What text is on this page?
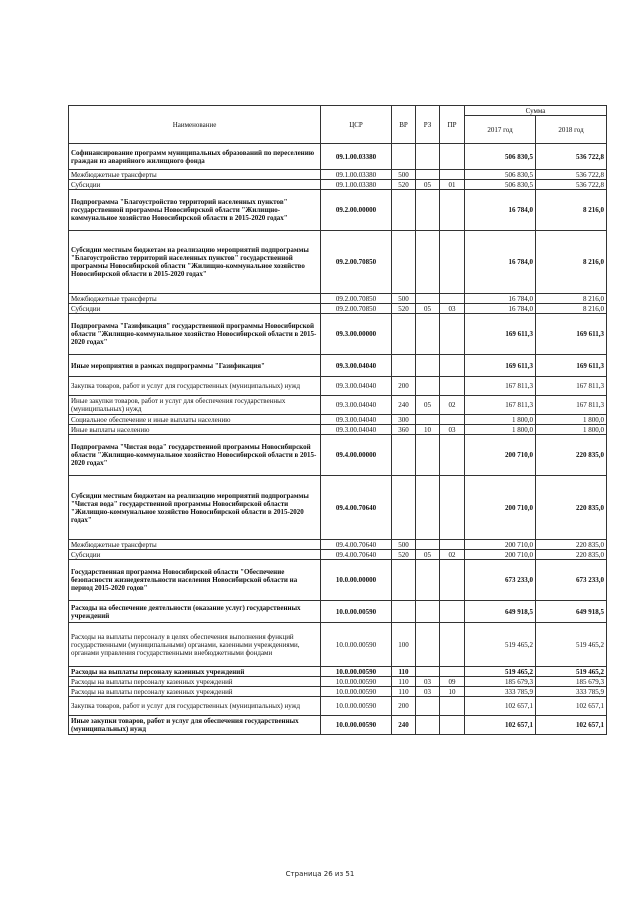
Наименование	ЦСР	ВР	РЗ	ПР	Сумма	
					2017 год	2018 год
Софинансирование программ муниципальных образований по переселению граждан из аварийного жилищного фонда	09.1.00.03380				506 830,5	536 722,8
Межбюджетные трансферты	09.1.00.03380	500			506 830,5	536 722,8
Субсидии	09.1.00.03380	520	05	01	506 830,5	536 722,8
Подпрограмма "Благоустройство территорий населенных пунктов" государственной программы Новосибирской области "Жилищно-коммунальное хозяйство Новосибирской области в 2015-2020 годах"	09.2.00.00000				16 784,0	8 216,0
Субсидии местным бюджетам на реализацию мероприятий подпрограммы "Благоустройство территорий населенных пунктов" государственной программы Новосибирской области "Жилищно-коммунальное хозяйство Новосибирской области в 2015-2020 годах"	09.2.00.70850				16 784,0	8 216,0
Межбюджетные трансферты	09.2.00.70850	500			16 784,0	8 216,0
Субсидии	09.2.00.70850	520	05	03	16 784,0	8 216,0
Подпрограмма "Газификация" государственной программы Новосибирской области "Жилищно-коммунальное хозяйство Новосибирской области в 2015-2020 годах"	09.3.00.00000				169 611,3	169 611,3
Иные мероприятия в рамках подпрограммы "Газификация"	09.3.00.04040				169 611,3	169 611,3
Закупка товаров, работ и услуг для государственных (муниципальных) нужд	09.3.00.04040	200			167 811,3	167 811,3
Иные закупки товаров, работ и услуг для обеспечения государственных (муниципальных) нужд	09.3.00.04040	240	05	02	167 811,3	167 811,3
Социальное обеспечение и иные выплаты населению	09.3.00.04040	300			1 800,0	1 800,0
Иные выплаты населению	09.3.00.04040	360	10	03	1 800,0	1 800,0
Подпрограмма "Чистая вода" государственной программы Новосибирской области "Жилищно-коммунальное хозяйство Новосибирской области в 2015-2020 годах"	09.4.00.00000				200 710,0	220 835,0
Субсидии местным бюджетам на реализацию мероприятий подпрограммы "Чистая вода" государственной программы Новосибирской области "Жилищно-коммунальное хозяйство Новосибирской области в 2015-2020 годах"	09.4.00.70640				200 710,0	220 835,0
Межбюджетные трансферты	09.4.00.70640	500			200 710,0	220 835,0
Субсидии	09.4.00.70640	520	05	02	200 710,0	220 835,0
Государственная программа Новосибирской области "Обеспечение безопасности жизнедеятельности населения Новосибирской области на период 2015-2020 годов"	10.0.00.00000				673 233,0	673 233,0
Расходы на обеспечение деятельности (оказание услуг) государственных учреждений	10.0.00.00590				649 918,5	649 918,5
Расходы на выплаты персоналу в целях обеспечения выполнения функций государственными (муниципальными) органами, казенными учреждениями, органами управления государственными внебюджетными фондами	10.0.00.00590	100			519 465,2	519 465,2
Расходы на выплаты персоналу казенных учреждений	10.0.00.00590	110			519 465,2	519 465,2
Расходы на выплаты персоналу казенных учреждений	10.0.00.00590	110	03	09	185 679,3	185 679,3
Расходы на выплаты персоналу казенных учреждений	10.0.00.00590	110	03	10	333 785,9	333 785,9
Закупка товаров, работ и услуг для государственных (муниципальных) нужд	10.0.00.00590	200			102 657,1	102 657,1
Иные закупки товаров, работ и услуг для обеспечения государственных (муниципальных) нужд	10.0.00.00590	240			102 657,1	102 657,1
Страница 26 из 51
